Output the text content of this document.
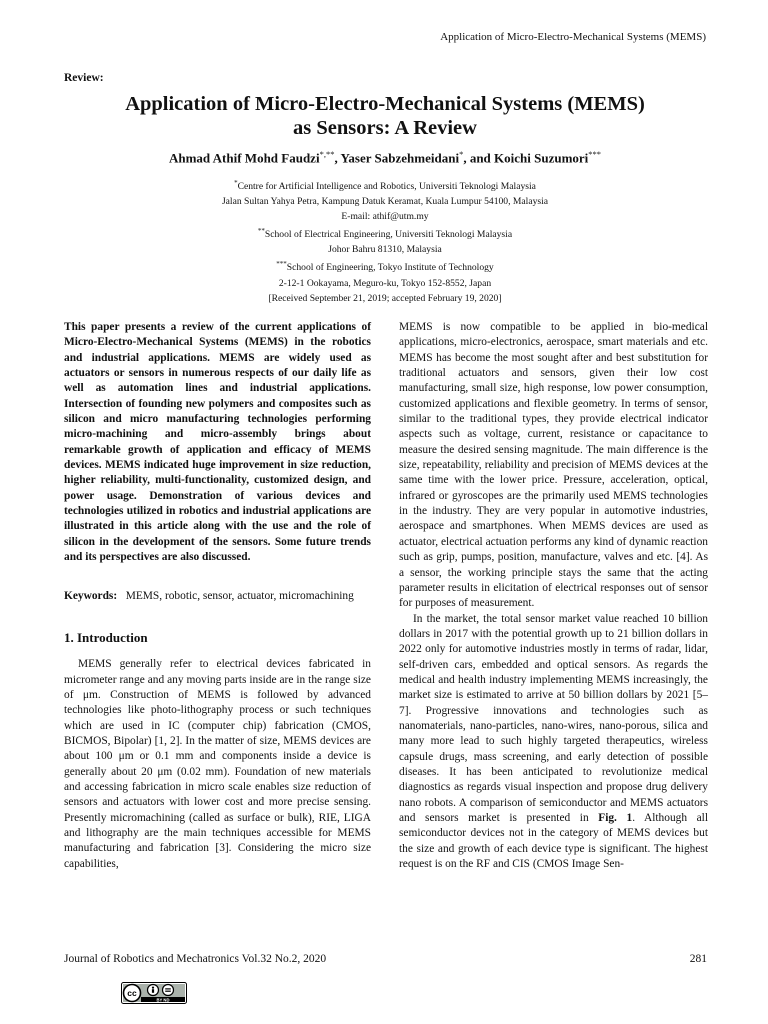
Application of Micro-Electro-Mechanical Systems (MEMS)
Review:
Application of Micro-Electro-Mechanical Systems (MEMS)
as Sensors: A Review
Ahmad Athif Mohd Faudzi*,**, Yaser Sabzehmeidani*, and Koichi Suzumori***
*Centre for Artificial Intelligence and Robotics, Universiti Teknologi Malaysia
Jalan Sultan Yahya Petra, Kampung Datuk Keramat, Kuala Lumpur 54100, Malaysia
E-mail: athif@utm.my
**School of Electrical Engineering, Universiti Teknologi Malaysia
Johor Bahru 81310, Malaysia
***School of Engineering, Tokyo Institute of Technology
2-12-1 Ookayama, Meguro-ku, Tokyo 152-8552, Japan
[Received September 21, 2019; accepted February 19, 2020]
This paper presents a review of the current applications of Micro-Electro-Mechanical Systems (MEMS) in the robotics and industrial applications. MEMS are widely used as actuators or sensors in numerous respects of our daily life as well as automation lines and industrial applications. Intersection of founding new polymers and composites such as silicon and micro manufacturing technologies performing micro-machining and micro-assembly brings about remarkable growth of application and efficacy of MEMS devices. MEMS indicated huge improvement in size reduction, higher reliability, multi-functionality, customized design, and power usage. Demonstration of various devices and technologies utilized in robotics and industrial applications are illustrated in this article along with the use and the role of silicon in the development of the sensors. Some future trends and its perspectives are also discussed.
Keywords: MEMS, robotic, sensor, actuator, micromachining
1. Introduction

MEMS generally refer to electrical devices fabricated in micrometer range and any moving parts inside are in the range size of μm. Construction of MEMS is followed by advanced technologies like photo-lithography process or such techniques which are used in IC (computer chip) fabrication (CMOS, BICMOS, Bipolar) [1, 2]. In the matter of size, MEMS devices are about 100 μm or 0.1 mm and components inside a device is generally about 20 μm (0.02 mm). Foundation of new materials and accessing fabrication in micro scale enables size reduction of sensors and actuators with lower cost and more precise sensing. Presently micromachining (called as surface or bulk), RIE, LIGA and lithography are the main techniques accessible for MEMS manufacturing and fabrication [3]. Considering the micro size capabilities,

MEMS is now compatible to be applied in bio-medical applications, micro-electronics, aerospace, smart materials and etc. MEMS has become the most sought after and best substitution for traditional actuators and sensors, given their low cost manufacturing, small size, high response, low power consumption, customized applications and flexible geometry. In terms of sensor, similar to the traditional types, they provide electrical indicator aspects such as voltage, current, resistance or capacitance to measure the desired sensing magnitude. The main difference is the size, repeatability, reliability and precision of MEMS devices at the same time with the lower price. Pressure, acceleration, optical, infrared or gyroscopes are the primarily used MEMS technologies in the industry. They are very popular in automotive industries, aerospace and smartphones. When MEMS devices are used as actuator, electrical actuation performs any kind of dynamic reaction such as grip, pumps, position, manufacture, valves and etc. [4]. As a sensor, the working principle stays the same that the acting parameter results in elicitation of electrical responses out of sensor for purposes of measurement.

In the market, the total sensor market value reached 10 billion dollars in 2017 with the potential growth up to 21 billion dollars in 2022 only for automotive industries mostly in terms of radar, lidar, self-driven cars, embedded and optical sensors. As regards the medical and health industry implementing MEMS increasingly, the market size is estimated to arrive at 50 billion dollars by 2021 [5–7]. Progressive innovations and technologies such as nanomaterials, nano-particles, nano-wires, nano-porous, silica and many more lead to such highly targeted therapeutics, wireless capsule drugs, mass screening, and early detection of possible diseases. It has been anticipated to revolutionize medical diagnostics as regards visual inspection and propose drug delivery nano robots. A comparison of semiconductor and MEMS actuators and sensors market is presented in Fig. 1. Although all semiconductor devices not in the category of MEMS devices but the size and growth of each device type is significant. The highest request is on the RF and CIS (CMOS Image Sen-

Journal of Robotics and Mechatronics Vol.32 No.2, 2020	281
cc
BY ND
